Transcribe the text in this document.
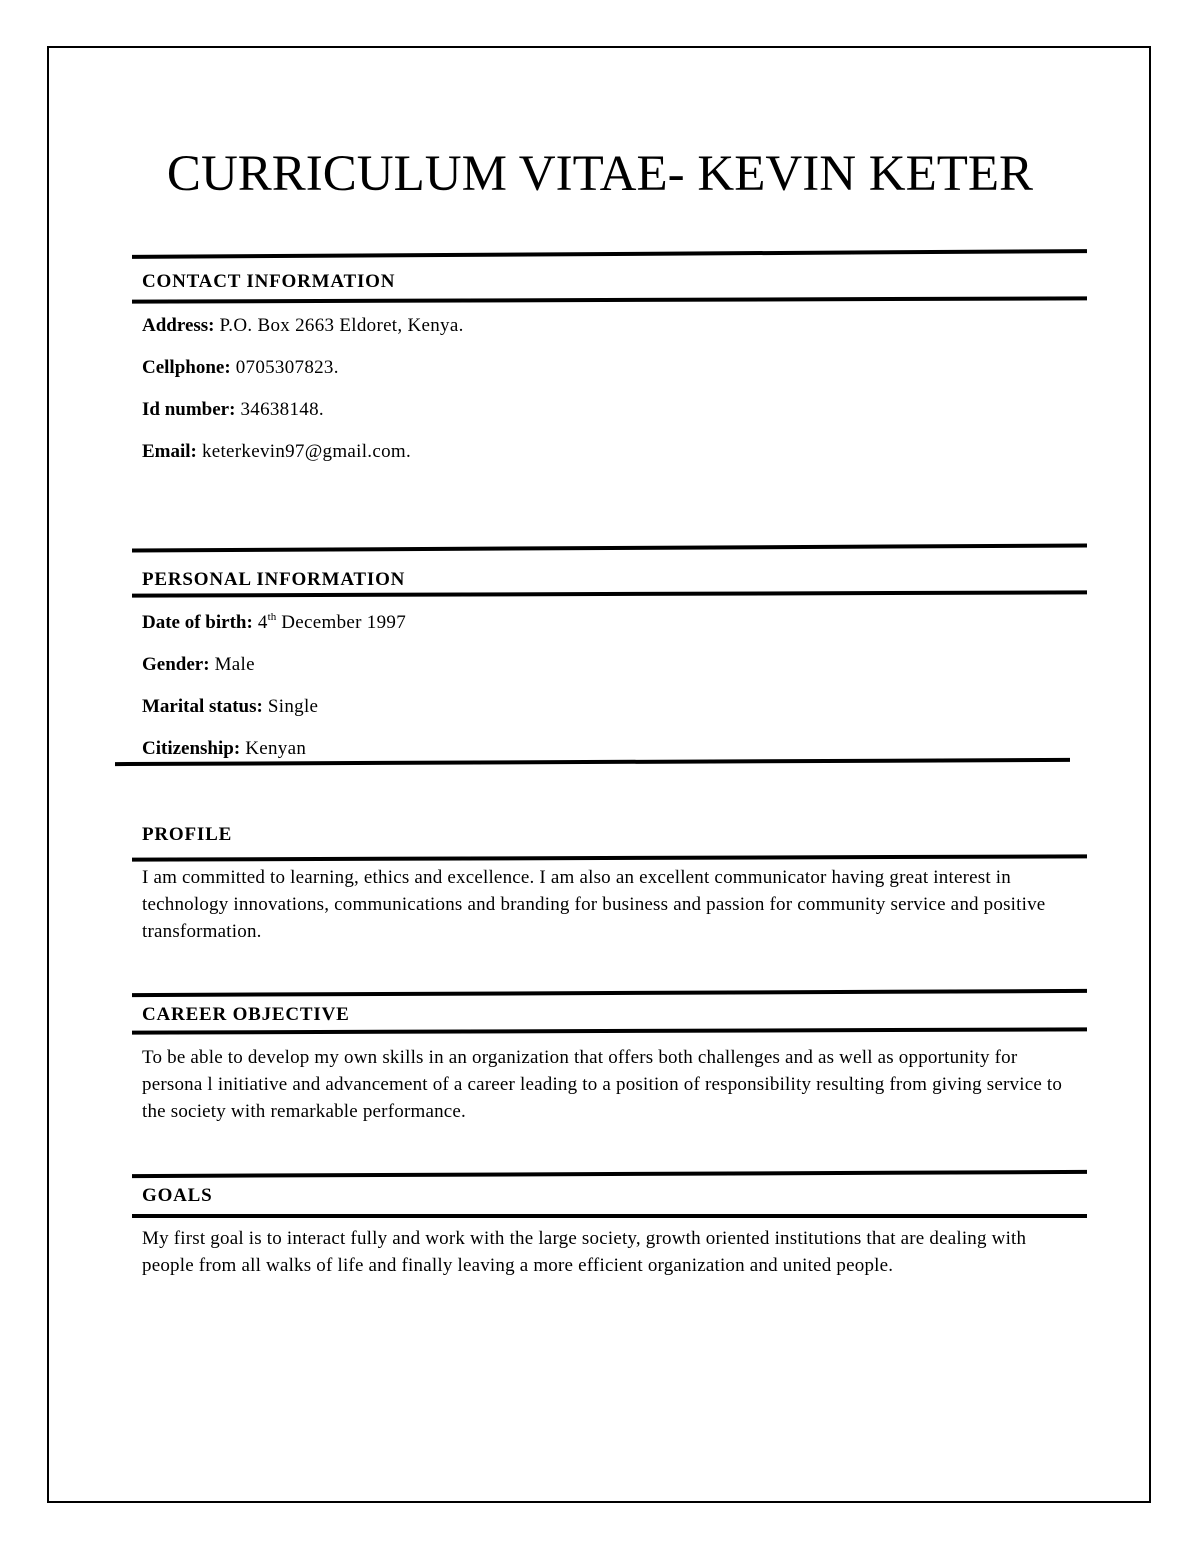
CURRICULUM VITAE- KEVIN KETER
CONTACT INFORMATION
Address: P.O. Box 2663 Eldoret, Kenya.
Cellphone: 0705307823.
Id number: 34638148.
Email: keterkevin97@gmail.com.
PERSONAL INFORMATION
Date of birth: 4th December 1997
Gender: Male
Marital status: Single
Citizenship: Kenyan
PROFILE

I am committed to learning, ethics and excellence. I am also an excellent communicator having great interest in technology innovations, communications and branding for business and passion for community service and positive transformation.

CAREER OBJECTIVE

To be able to develop my own skills in an organization that offers both challenges and as well as opportunity for persona l initiative and advancement of a career leading to a position of responsibility resulting from giving service to the society with remarkable performance.

GOALS

My first goal is to interact fully and work with the large society, growth oriented institutions that are dealing with people from all walks of life and finally leaving a more efficient organization and united people.
